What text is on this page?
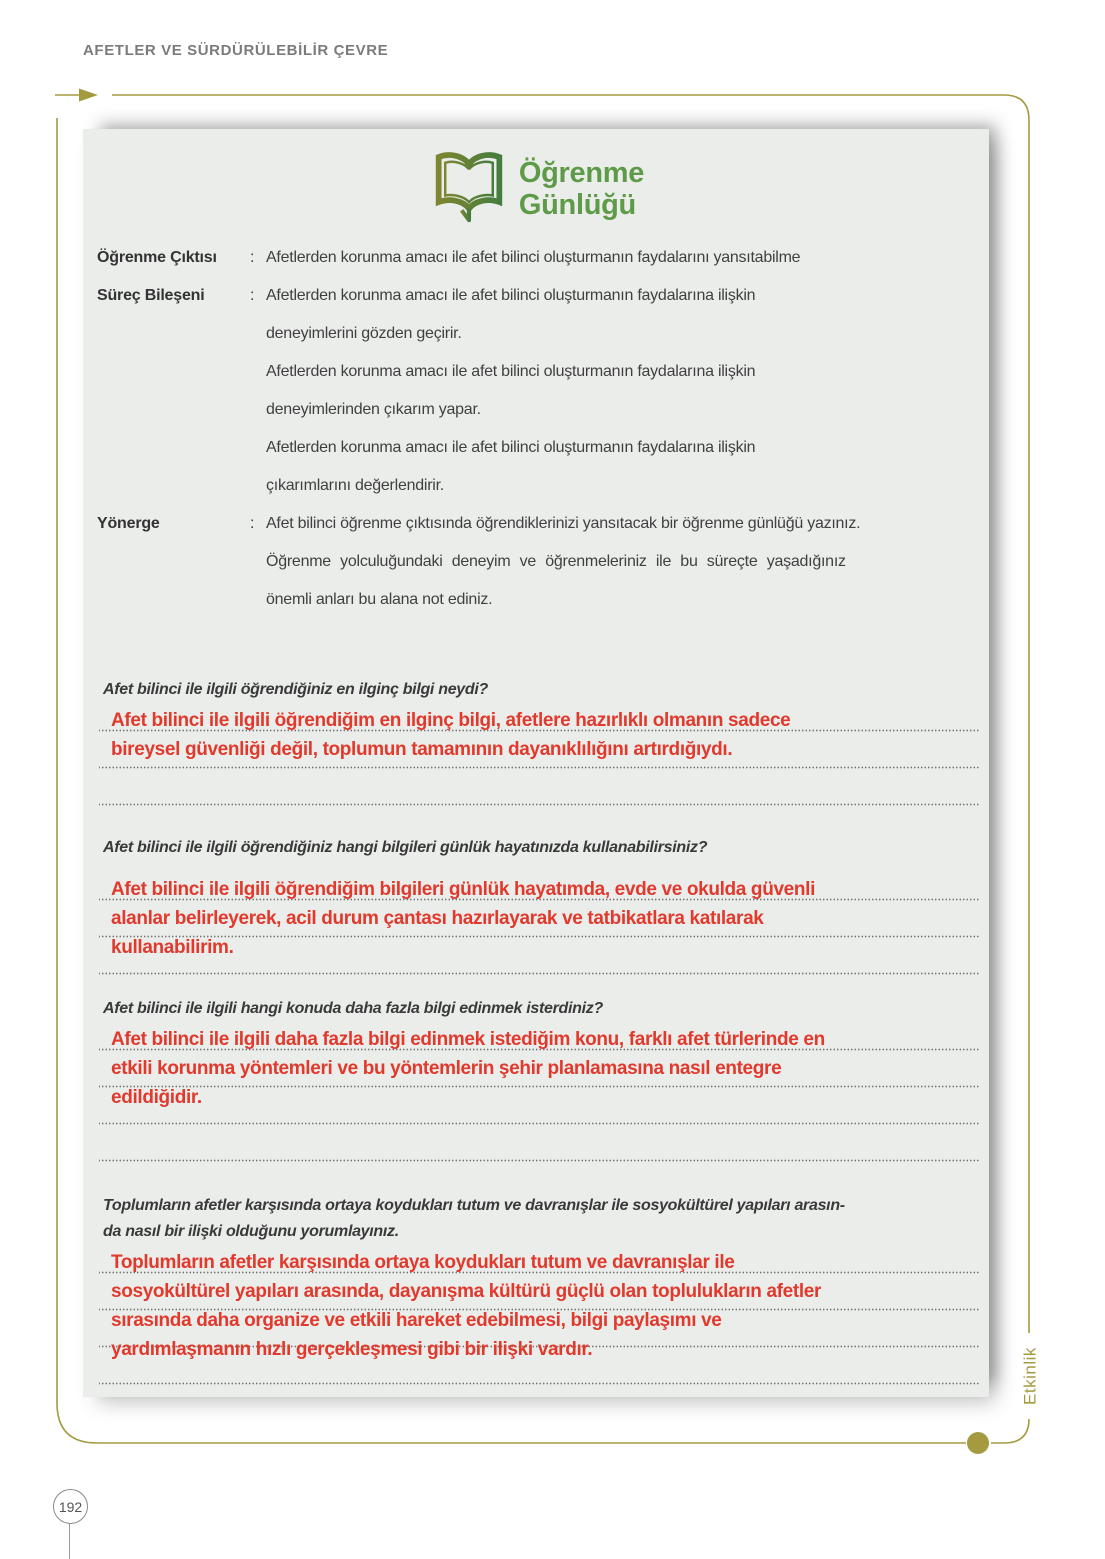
AFETLER VE SÜRDÜRÜLEBİLİR ÇEVRE
Öğrenme
Günlüğü
Öğrenme Çıktısı	: Afetlerden korunma amacı ile afet bilinci oluşturmanın faydalarını yansıtabilme
Süreç Bileşeni	: Afetlerden korunma amacı ile afet bilinci oluşturmanın faydalarına ilişkin
deneyimlerini gözden geçirir.
Afetlerden korunma amacı ile afet bilinci oluşturmanın faydalarına ilişkin
deneyimlerinden çıkarım yapar.
Afetlerden korunma amacı ile afet bilinci oluşturmanın faydalarına ilişkin
çıkarımlarını değerlendirir.
Yönerge	: Afet bilinci öğrenme çıktısında öğrendiklerinizi yansıtacak bir öğrenme günlüğü yazınız.
Öğrenme yolculuğundaki deneyim ve öğrenmeleriniz ile bu süreçte yaşadığınız
önemli anları bu alana not ediniz.
Afet bilinci ile ilgili öğrendiğiniz en ilginç bilgi neydi?
Afet bilinci ile ilgili öğrendiğim en ilginç bilgi, afetlere hazırlıklı olmanın sadece
bireysel güvenliği değil, toplumun tamamının dayanıklılığını artırdığıydı.
Afet bilinci ile ilgili öğrendiğiniz hangi bilgileri günlük hayatınızda kullanabilirsiniz?
Afet bilinci ile ilgili öğrendiğim bilgileri günlük hayatımda, evde ve okulda güvenli
alanlar belirleyerek, acil durum çantası hazırlayarak ve tatbikatlara katılarak
kullanabilirim.
Afet bilinci ile ilgili hangi konuda daha fazla bilgi edinmek isterdiniz?
Afet bilinci ile ilgili daha fazla bilgi edinmek istediğim konu, farklı afet türlerinde en
etkili korunma yöntemleri ve bu yöntemlerin şehir planlamasına nasıl entegre
edildiğidir.
Toplumların afetler karşısında ortaya koydukları tutum ve davranışlar ile sosyokültürel yapıları arasın-
da nasıl bir ilişki olduğunu yorumlayınız.
Toplumların afetler karşısında ortaya koydukları tutum ve davranışlar ile
sosyokültürel yapıları arasında, dayanışma kültürü güçlü olan toplulukların afetler
sırasında daha organize ve etkili hareket edebilmesi, bilgi paylaşımı ve
yardımlaşmanın hızlı gerçekleşmesi gibi bir ilişki vardır.	Etkinlik
192
